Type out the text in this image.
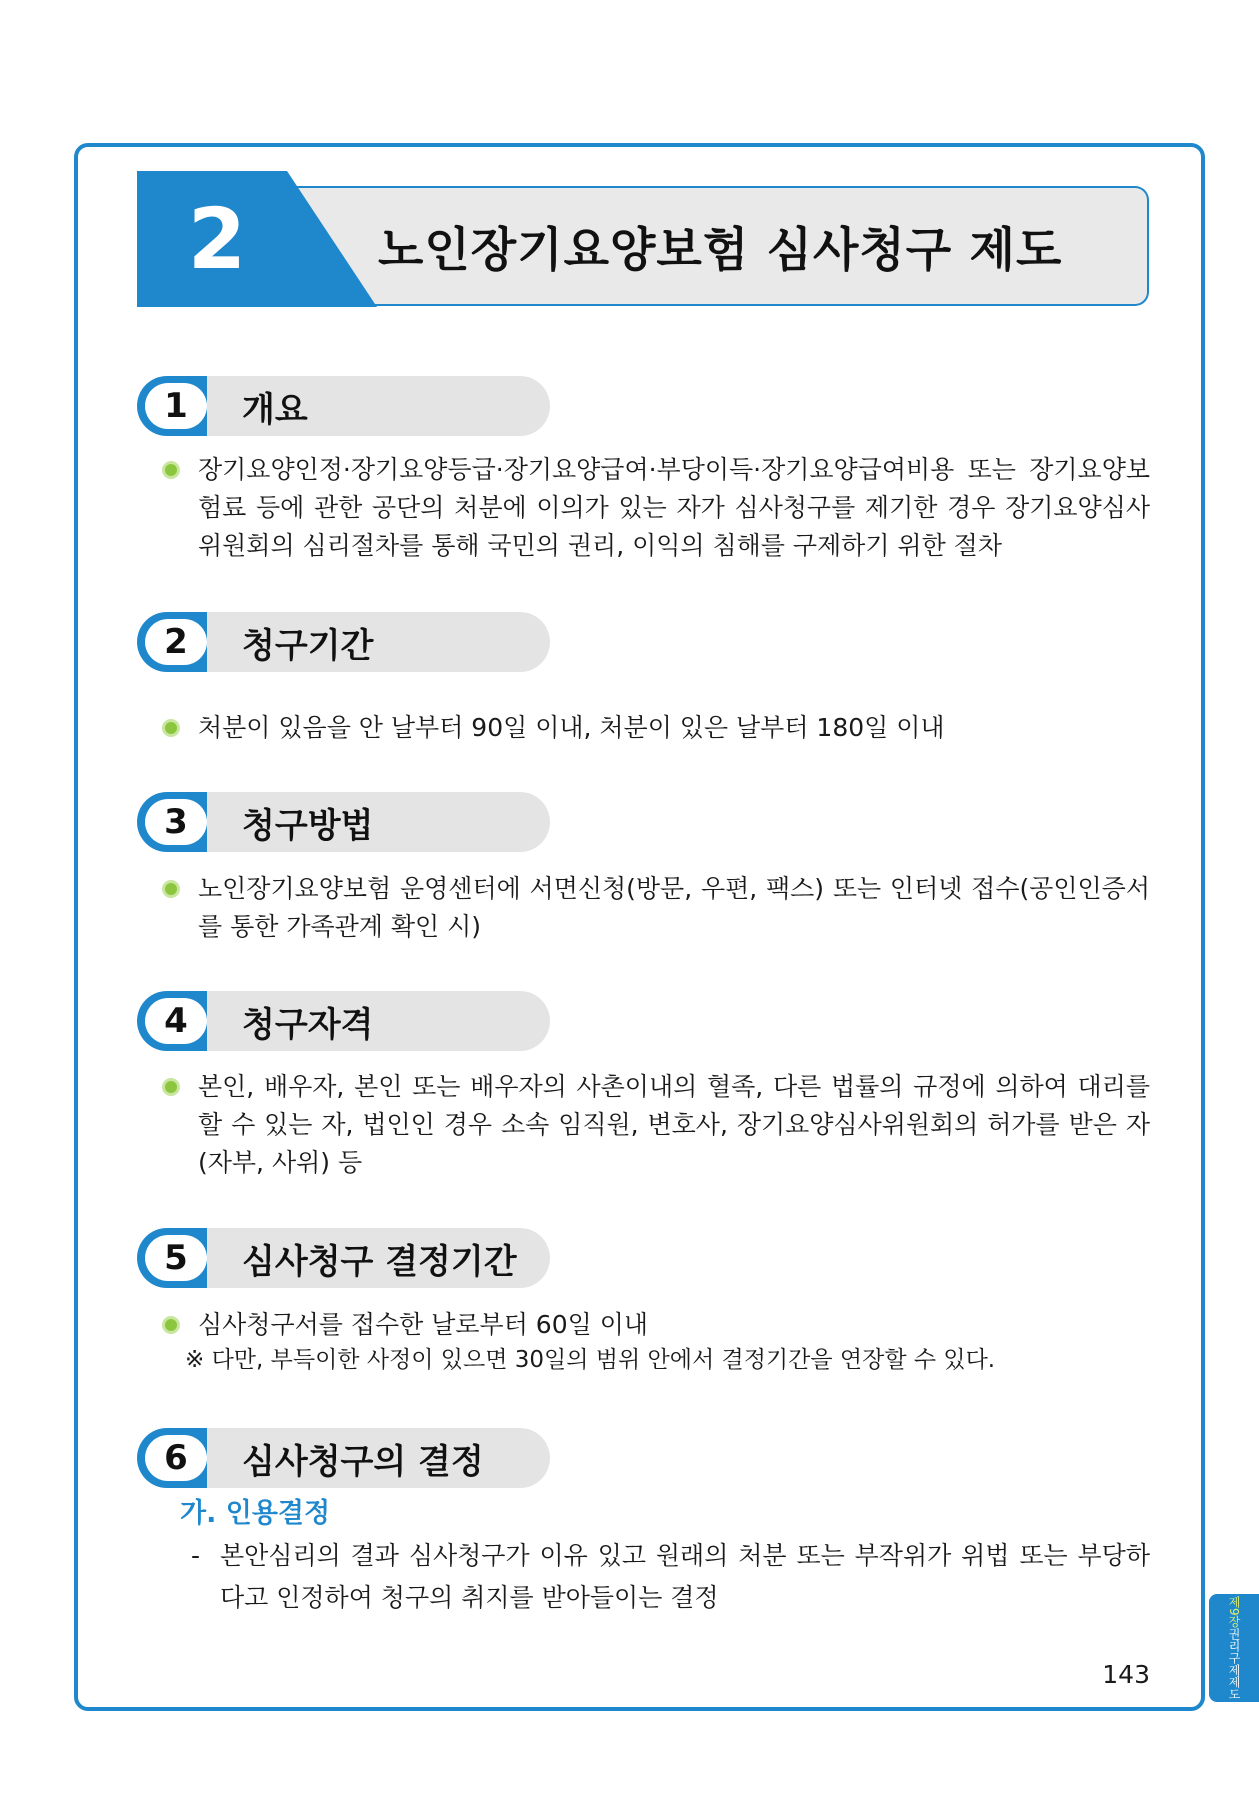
2	노인장기요양보험 심사청구 제도
1	개요
장기요양인정·장기요양등급·장기요양급여·부당이득·장기요양급여비용 또는 장기요양보험료 등에 관한 공단의 처분에 이의가 있는 자가 심사청구를 제기한 경우 장기요양심사위원회의 심리절차를 통해 국민의 권리, 이익의 침해를 구제하기 위한 절차
2	청구기간
처분이 있음을 안 날부터 90일 이내, 처분이 있은 날부터 180일 이내
3	청구방법
노인장기요양보험 운영센터에 서면신청(방문, 우편, 팩스) 또는 인터넷 접수(공인인증서를 통한 가족관계 확인 시)
4	청구자격
본인, 배우자, 본인 또는 배우자의 사촌이내의 혈족, 다른 법률의 규정에 의하여 대리를 할 수 있는 자, 법인인 경우 소속 임직원, 변호사, 장기요양심사위원회의 허가를 받은 자 (자부, 사위) 등
5	심사청구 결정기간
심사청구서를 접수한 날로부터 60일 이내
※ 다만, 부득이한 사정이 있으면 30일의 범위 안에서 결정기간을 연장할 수 있다.
6	심사청구의 결정
가. 인용결정
- 본안심리의 결과 심사청구가 이유 있고 원래의 처분 또는 부작위가 위법 또는 부당하다고 인정하여 청구의 취지를 받아들이는 결정
143
제9장
권리구제제도
